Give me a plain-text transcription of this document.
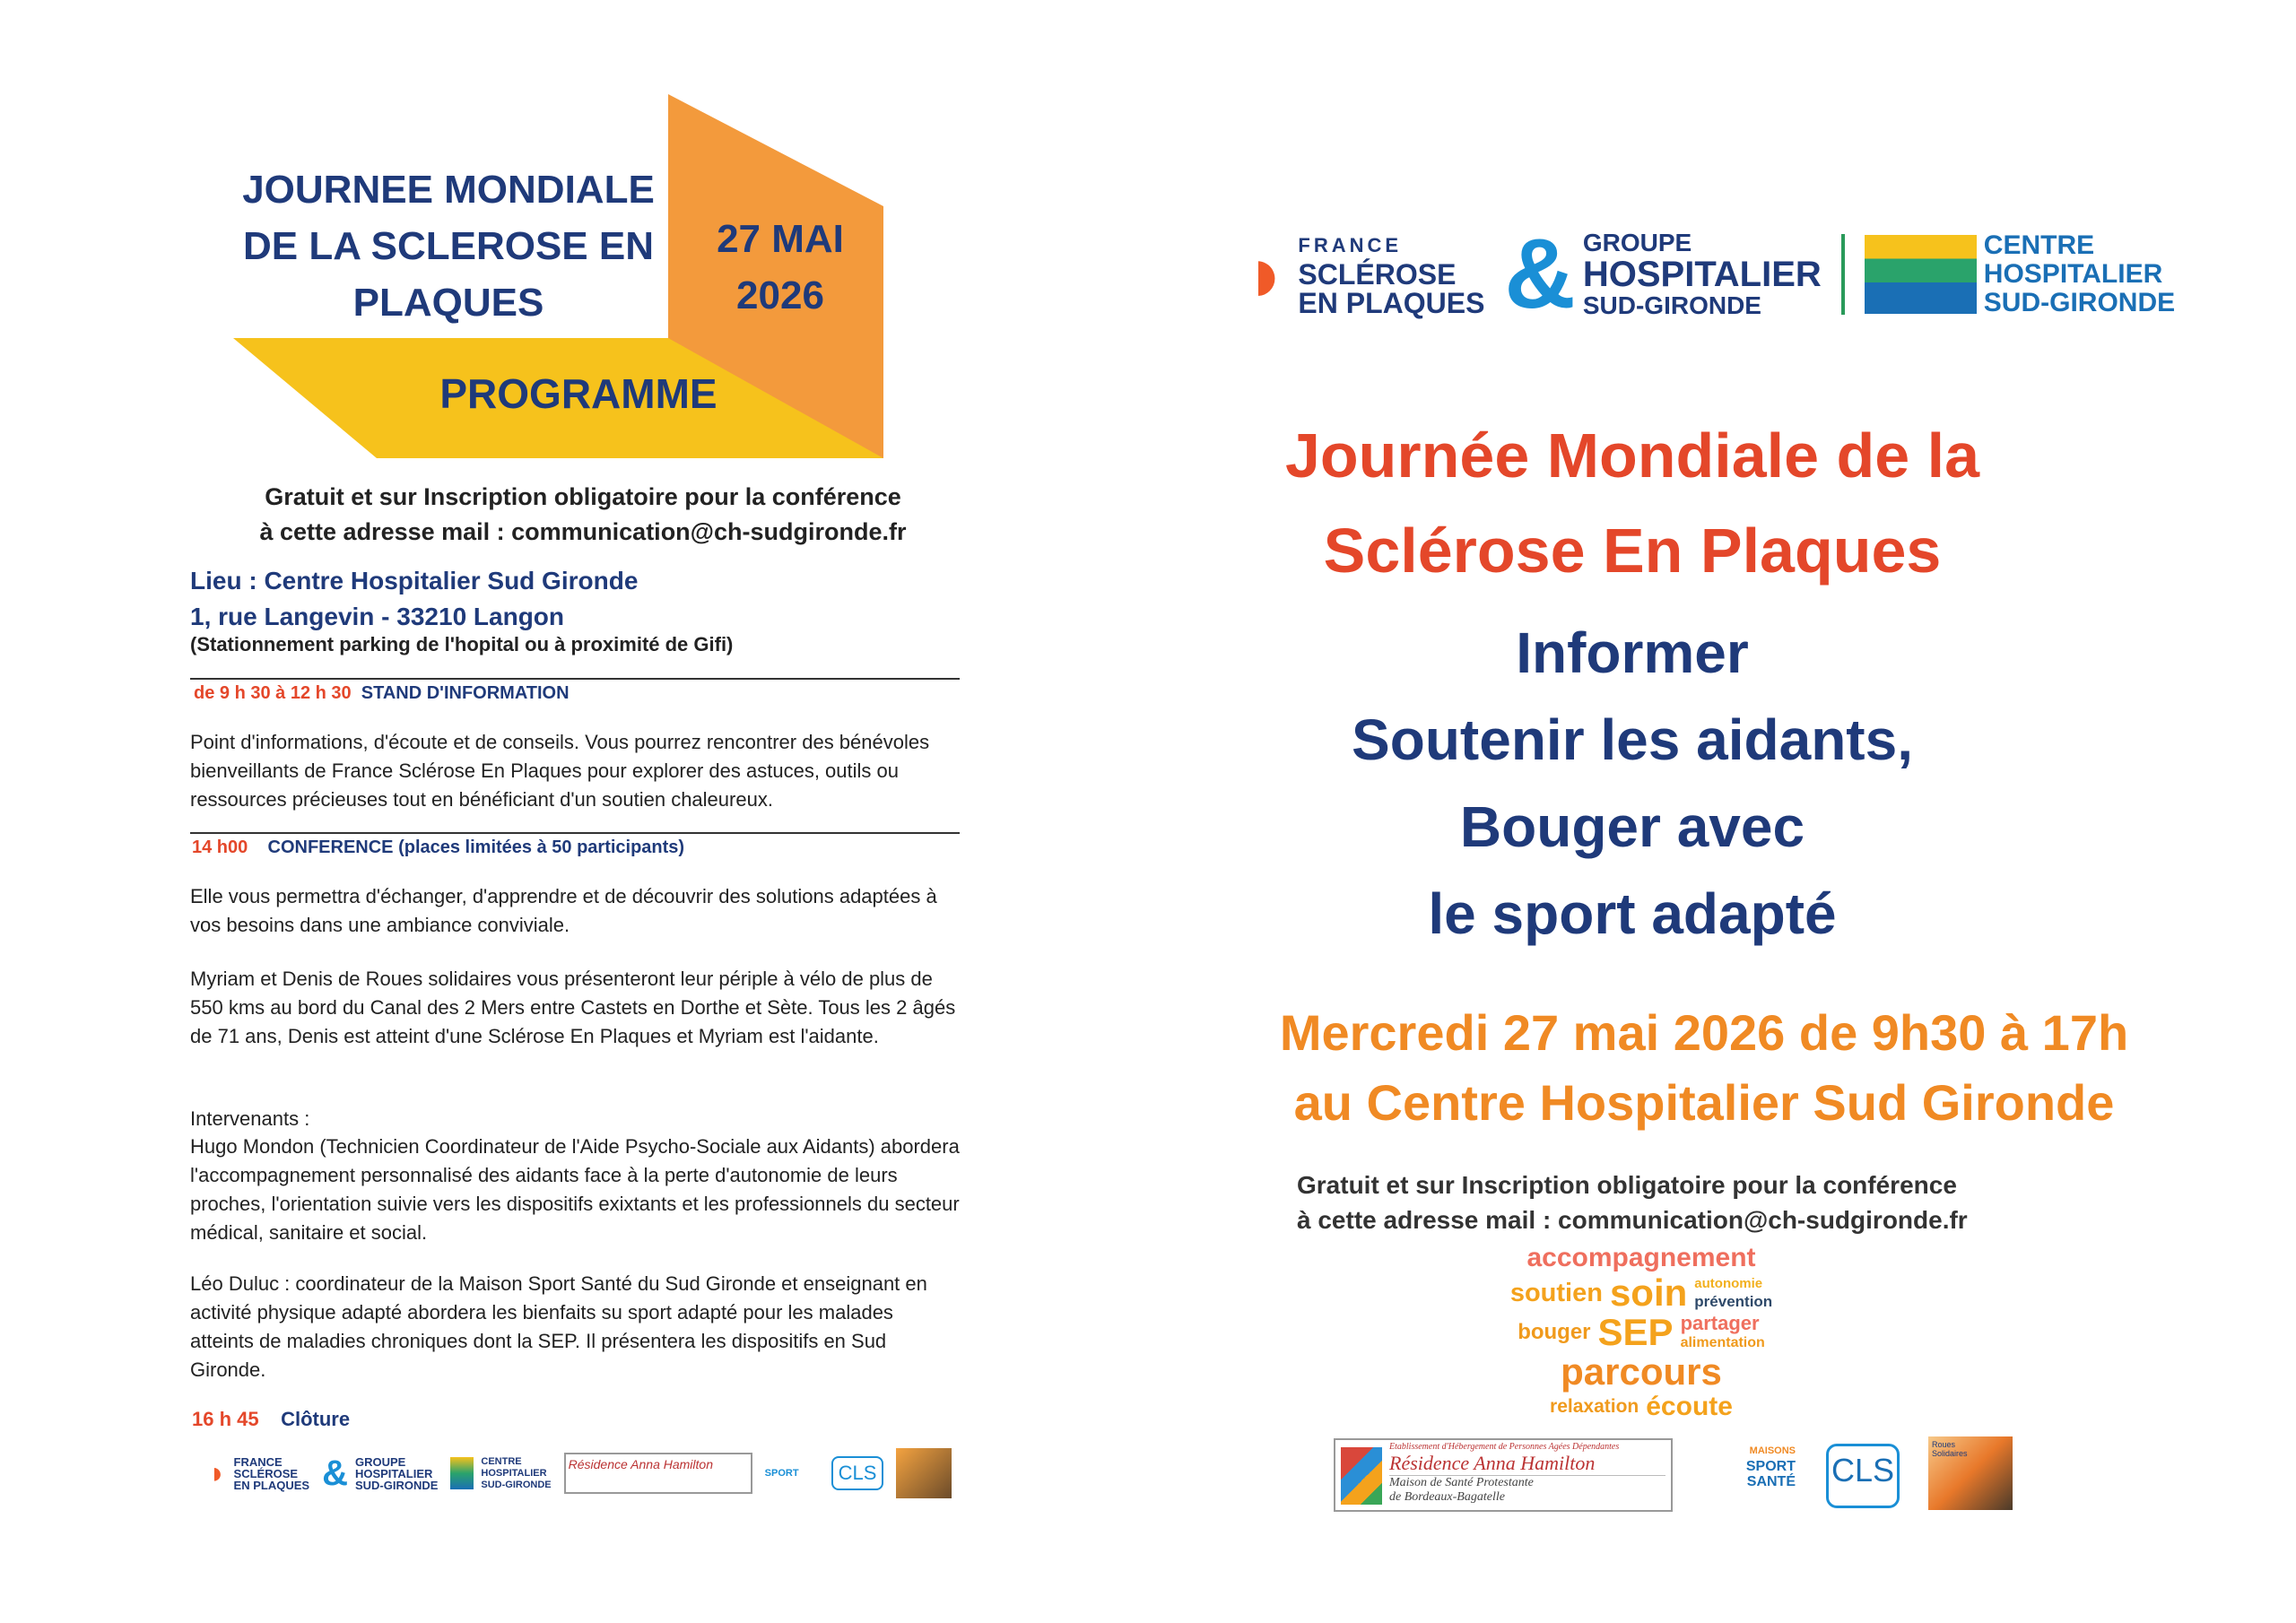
JOURNEE MONDIALE
DE LA SCLEROSE EN
PLAQUES
27 MAI
2026
PROGRAMME
Gratuit et sur Inscription obligatoire pour la conférence
à cette adresse mail : communication@ch-sudgironde.fr
Lieu : Centre Hospitalier Sud Gironde
1, rue Langevin - 33210 Langon
(Stationnement parking de l'hopital ou à proximité de Gifi)
de 9 h 30 à 12 h 30 STAND D'INFORMATION
Point d'informations, d'écoute et de conseils. Vous pourrez rencontrer des bénévoles bienveillants de France Sclérose En Plaques pour explorer des astuces, outils ou ressources précieuses tout en bénéficiant d'un soutien chaleureux.
14 h00 CONFERENCE (places limitées à 50 participants)
Elle vous permettra d'échanger, d'apprendre et de découvrir des solutions adaptées à vos besoins dans une ambiance conviviale.
Myriam et Denis de Roues solidaires vous présenteront leur périple à vélo de plus de 550 kms au bord du Canal des 2 Mers entre Castets en Dorthe et Sète. Tous les 2 âgés de 71 ans, Denis est atteint d'une Sclérose En Plaques et Myriam est l'aidante.
Intervenants :
Hugo Mondon (Technicien Coordinateur de l'Aide Psycho-Sociale aux Aidants) abordera l'accompagnement personnalisé des aidants face à la perte d'autonomie de leurs proches, l'orientation suivie vers les dispositifs exixtants et les professionnels du secteur médical, sanitaire et social.
Léo Duluc : coordinateur de la Maison Sport Santé du Sud Gironde et enseignant en activité physique adapté abordera les bienfaits su sport adapté pour les malades atteints de maladies chroniques dont la SEP. Il présentera les dispositifs en Sud Gironde.
16 h 45 Clôture
◗ FRANCE
SCLÉROSE
EN PLAQUES & GROUPE
HOSPITALIER
SUD-GIRONDE
CENTRE
HOSPITALIER
SUD-GIRONDE
Résidence Anna Hamilton
SPORT	CLS
◗ FRANCE
SCLÉROSE
EN PLAQUES & GROUPE
HOSPITALIER
SUD-GIRONDE
CENTRE
HOSPITALIER
SUD-GIRONDE
Journée Mondiale de la
Sclérose En Plaques
Informer
Soutenir les aidants,
Bouger avec
le sport adapté
Mercredi 27 mai 2026 de 9h30 à 17h
au Centre Hospitalier Sud Gironde
Gratuit et sur Inscription obligatoire pour la conférence
à cette adresse mail : communication@ch-sudgironde.fr
accompagnement
soutien soin autonomie
prévention
bouger SEP partager
alimentation
parcours
relaxation écoute
Etablissement d'Hébergement de Personnes Agées Dépendantes
Résidence Anna Hamilton
Maison de Santé Protestante
de Bordeaux-Bagatelle
MAISONS
SPORT
SANTÉ CLS
Roues Solidaires
